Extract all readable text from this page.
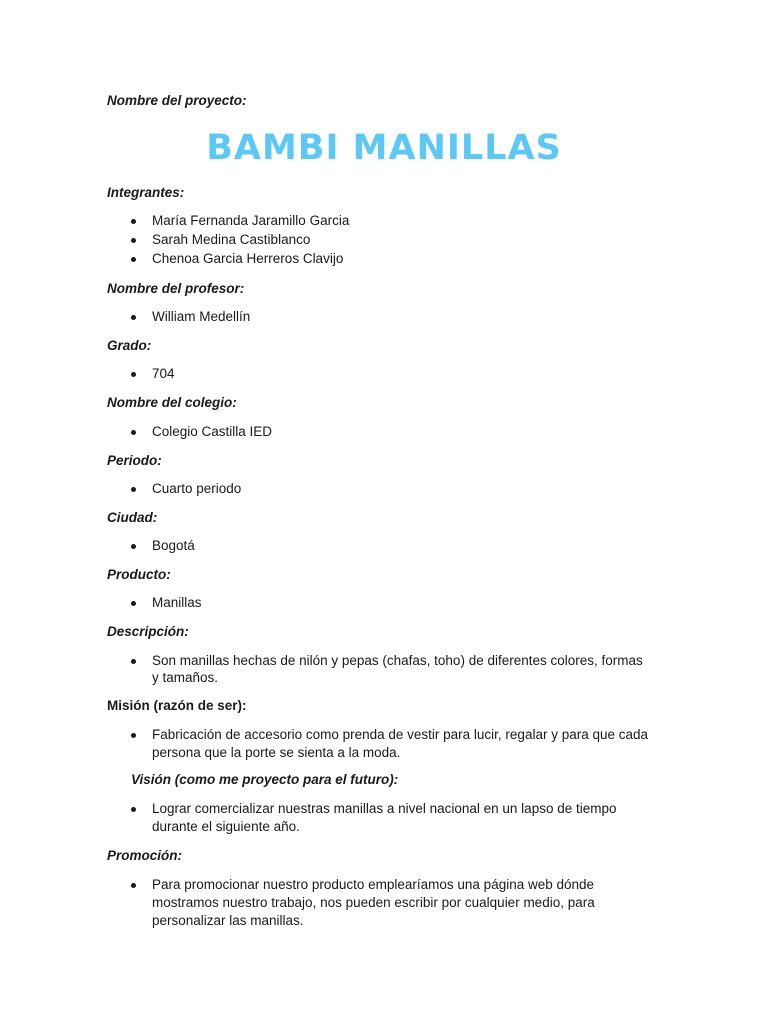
Nombre del proyecto:
BAMBI MANILLAS
Integrantes:
María Fernanda Jaramillo Garcia
Sarah Medina Castiblanco
Chenoa Garcia Herreros Clavijo
Nombre del profesor:
William Medellín
Grado:
704
Nombre del colegio:
Colegio Castilla IED
Periodo:
Cuarto periodo
Ciudad:
Bogotá
Producto:
Manillas
Descripción:
Son manillas hechas de nilón y pepas (chafas, toho) de diferentes colores, formas
y tamaños.
Misión (razón de ser):
Fabricación de accesorio como prenda de vestir para lucir, regalar y para que cada
persona que la porte se sienta a la moda.
Visión (como me proyecto para el futuro):
Lograr comercializar nuestras manillas a nivel nacional en un lapso de tiempo
durante el siguiente año.
Promoción:
Para promocionar nuestro producto emplearíamos una página web dónde
mostramos nuestro trabajo, nos pueden escribir por cualquier medio, para
personalizar las manillas.
